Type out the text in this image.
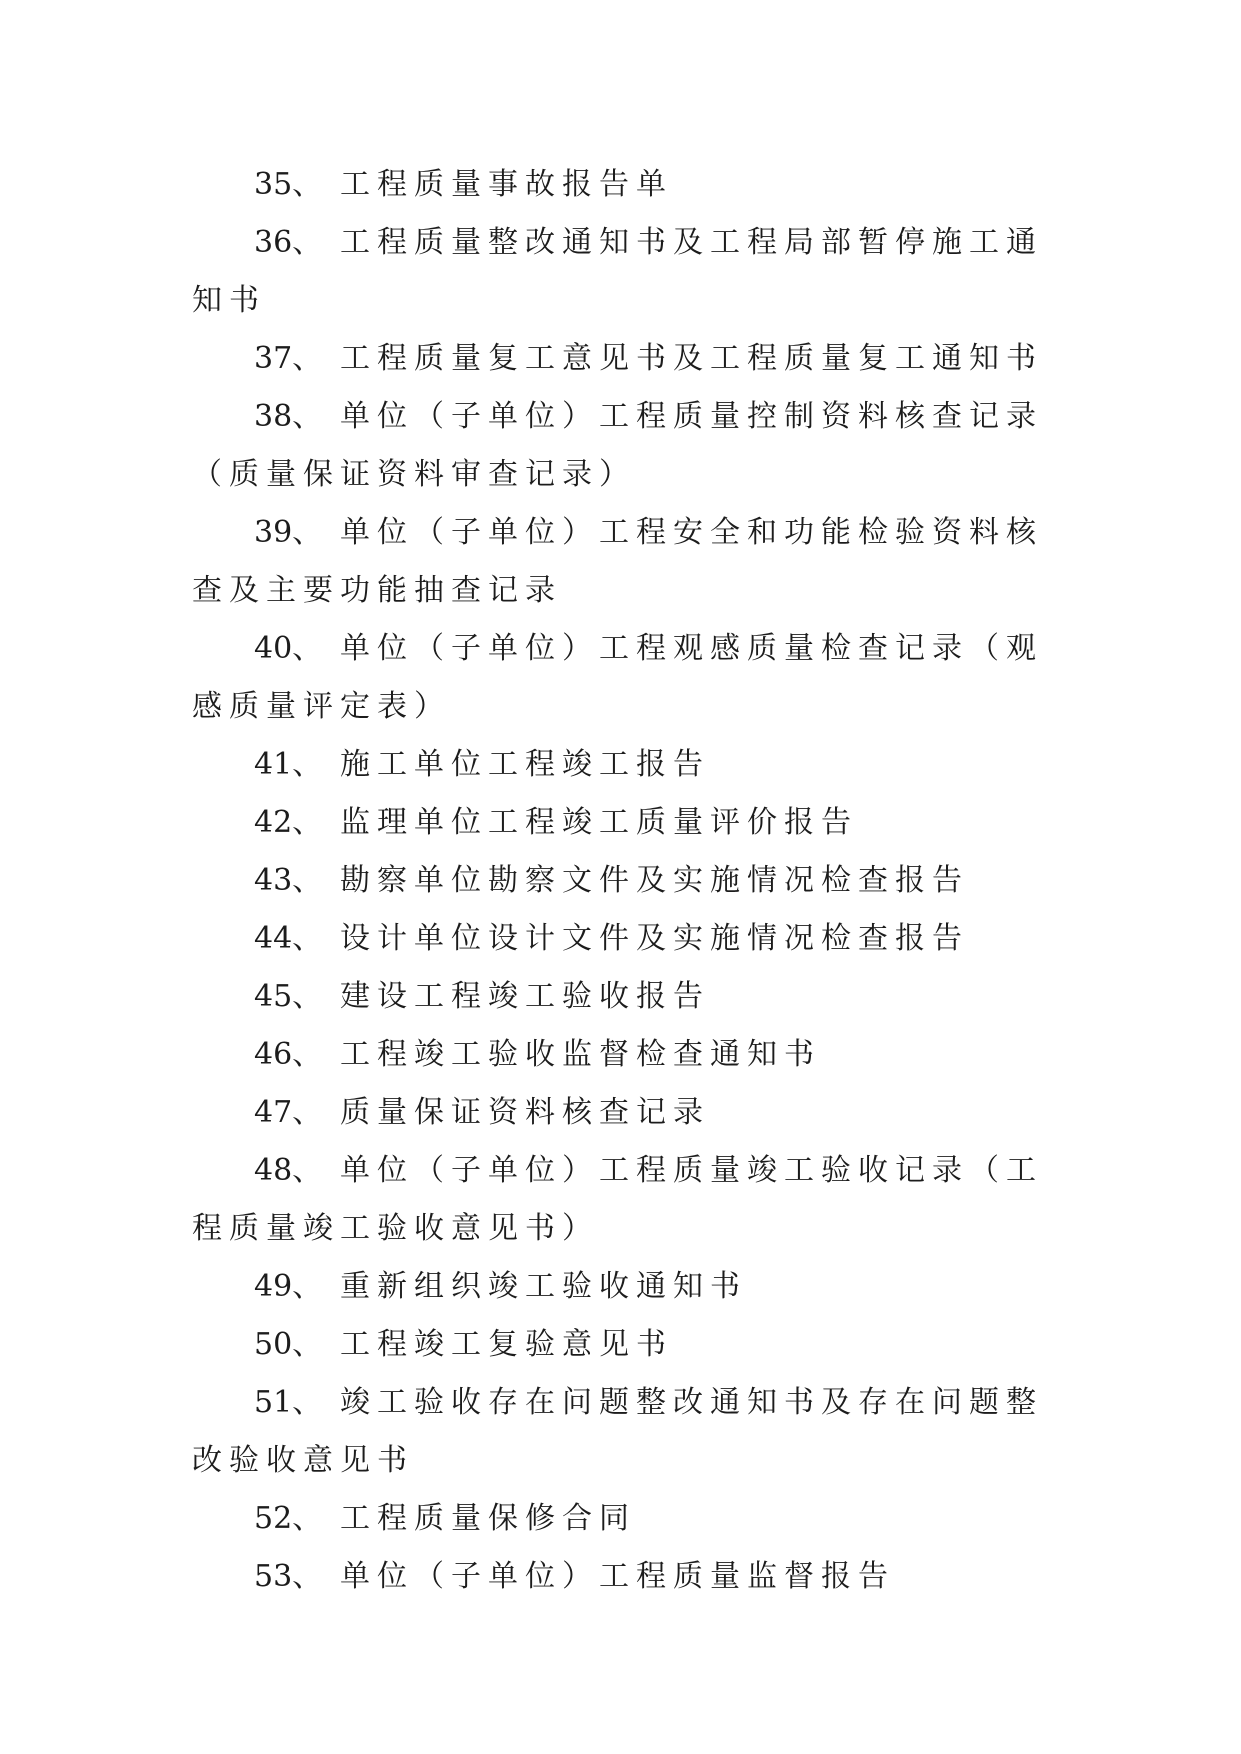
35、 工程质量事故报告单
36、 工程质量整改通知书及工程局部暂停施工通知书
37、 工程质量复工意见书及工程质量复工通知书
38、 单位（子单位）工程质量控制资料核查记录（质量保证资料审查记录）
39、 单位（子单位）工程安全和功能检验资料核查及主要功能抽查记录
40、 单位（子单位）工程观感质量检查记录（观感质量评定表）
41、 施工单位工程竣工报告
42、 监理单位工程竣工质量评价报告
43、 勘察单位勘察文件及实施情况检查报告
44、 设计单位设计文件及实施情况检查报告
45、 建设工程竣工验收报告
46、 工程竣工验收监督检查通知书
47、 质量保证资料核查记录
48、 单位（子单位）工程质量竣工验收记录（工程质量竣工验收意见书）
49、 重新组织竣工验收通知书
50、 工程竣工复验意见书
51、 竣工验收存在问题整改通知书及存在问题整改验收意见书
52、 工程质量保修合同
53、 单位（子单位）工程质量监督报告
